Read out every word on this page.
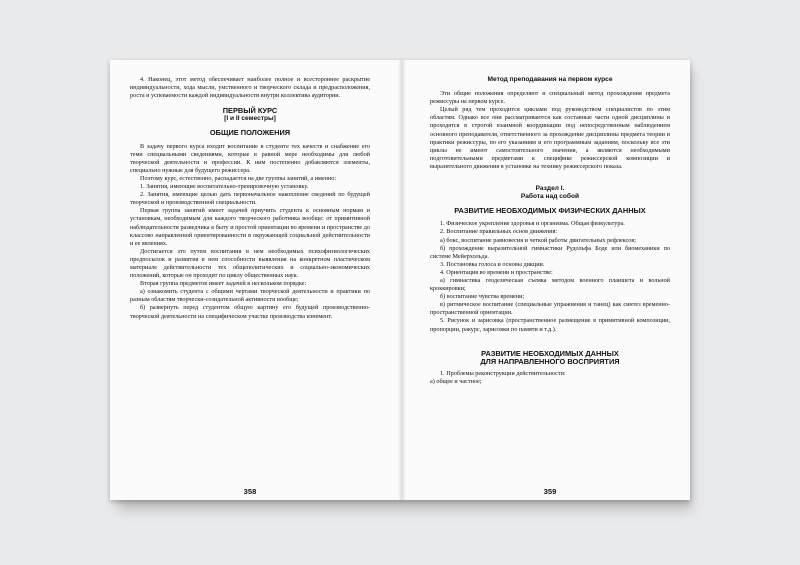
4. Наконец, этот метод обеспечивает наиболее полное и всестороннее раскрытие индивидуальности, хода мысли, умственного и творческого склада и предрасположения, роста и успеваемости каждой индивидуальности внутри коллектива аудитории.

ПЕРВЫЙ КУРС
[I и II семестры]
ОБЩИЕ ПОЛОЖЕНИЯ

В задачу первого курса входит воспитание в студенте тех качеств и снабжение его теми специальными сведениями, которые в равной мере необходимы для любой творческой деятельности и профессии. К ним постепенно добавляются элементы, специально нужные для будущего режиссера.

Поэтому курс, естественно, распадается на две группы занятий, а именно:

1. Занятия, имеющие воспитательно-тренировочную установку.

2. Занятия, имеющие целью дать первоначальное накопление сведений по будущей творческой и производственной специальности.

Первая группа занятий имеет задачей приучить студента к основным нормам и установкам, необходимым для каждого творческого работника вообще: от примитивной наблюдательности разведчика в быту и простой ориентации во времени и пространстве до классово направленной ориентированности в окружающей социальной действительности и ее явлениях.

Достигается это путем воспитания в нем необходимых психофизиологических предпосылок и развития в нем способности выявления на конкретном пластическом материале действительности тех общеполитических и социально-экономических положений, которые он проходит по циклу общественных наук.

Вторая группа предметов имеет задачей в нескольком порядке:

а) ознакомить студента с общими чертами творческой деятельности и практики по разным областям творчески-созидательной активности вообще;

б) развернуть перед студентом общую картину его будущей производственно-творческой деятельности на специфическом участке производства изнемент.

358
Метод преподавания на первом курсе

Эти общие положения определяют и специальный метод прохождения предмета режиссуры на первом курсе.

Целый ряд тем проходится циклами под руководством специалистов по этим областям. Однако все они рассматриваются как составные части одной дисциплины и проходятся в строгой взаимной координации под непосредственным наблюдением основного преподавателя, ответственного за прохождение дисциплины предмета теории и практики режиссуры, по его указаниям и его программным заданиям, поскольку все эти циклы не имеют самостоятельного значения, а являются необходимыми подготовительными предметами к специфике режиссерской композиции и выразительного движения в установке на технику режиссерского показа.

Раздел I.
Работа над собой
РАЗВИТИЕ НЕОБХОДИМЫХ ФИЗИЧЕСКИХ ДАННЫХ

1. Физическое укрепление здоровья и организма. Общая физкультура.

2. Воспитание правильных основ движения:

а) бокс, воспитание равновесия и четкой работы двигательных рефлексов;

б) прохождение выразительной гимнастики Рудольфа Боде или биомеханики по системе Мейерхольда.

3. Постановка голоса и основы дикции.

4. Ориентация во времени и пространстве:

а) гимнастика геодезическая съемка методом военного планшета и вольной кроккировки;

б) воспитание чувства времени;

в) ритмическое воспитание (специальные упражнения и танец) как синтез временно-пространственной ориентации.

5. Рисунок и зарисовка (пространственное размещение в примитивной композиции, пропорции, ракурс, зарисовки по памяти и т.д.).

РАЗВИТИЕ НЕОБХОДИМЫХ ДАННЫХ
ДЛЯ НАПРАВЛЕННОГО ВОСПРИЯТИЯ

1. Проблемы реконструкции действительности:

а) общее и частное;

359
